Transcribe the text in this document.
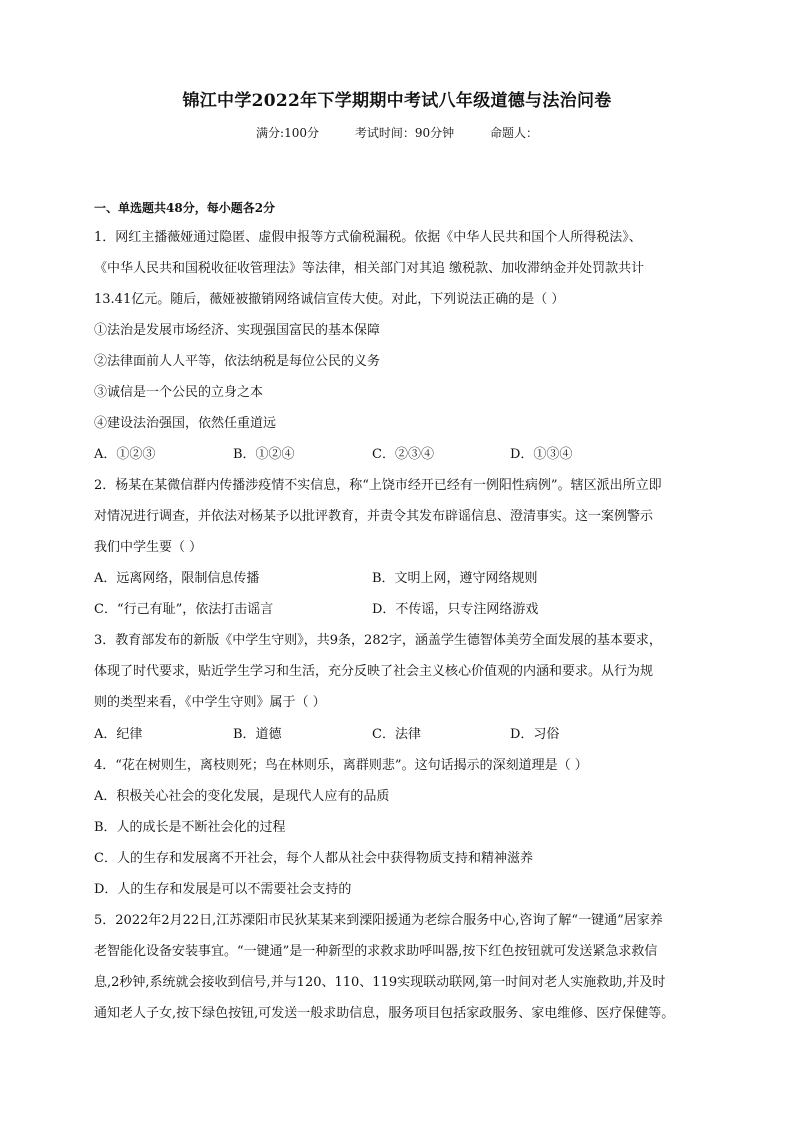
锦江中学2022年下学期期中考试八年级道德与法治问卷
满分:100分	考试时间：90分钟	命题人：
一、单选题共48分，每小题各2分
1．网红主播薇娅通过隐匿、虚假申报等方式偷税漏税。依据《中华人民共和国个人所得税法》、
《中华人民共和国税收征收管理法》等法律，相关部门对其追 缴税款、加收滞纳金并处罚款共计
13.41亿元。随后，薇娅被撤销网络诚信宣传大使。对此，下列说法正确的是（ ）
①法治是发展市场经济、实现强国富民的基本保障
②法律面前人人平等，依法纳税是每位公民的义务
③诚信是一个公民的立身之本
④建设法治强国，依然任重道远
A．①②③	B．①②④	C．②③④	D．①③④
2．杨某在某微信群内传播涉疫情不实信息，称“上饶市经开已经有一例阳性病例”。辖区派出所立即
对情况进行调查，并依法对杨某予以批评教育，并责令其发布辟谣信息、澄清事实。这一案例警示
我们中学生要（ ）
A．远离网络，限制信息传播	B．文明上网，遵守网络规则
C．“行己有耻”，依法打击谣言	D．不传谣，只专注网络游戏
3．教育部发布的新版《中学生守则》，共9条，282字，涵盖学生德智体美劳全面发展的基本要求，
体现了时代要求，贴近学生学习和生活，充分反映了社会主义核心价值观的内涵和要求。从行为规
则的类型来看，《中学生守则》属于（ ）
A．纪律	B．道德	C．法律	D．习俗
4．“花在树则生，离枝则死；鸟在林则乐，离群则悲”。这句话揭示的深刻道理是（ ）
A．积极关心社会的变化发展，是现代人应有的品质
B．人的成长是不断社会化的过程
C．人的生存和发展离不开社会，每个人都从社会中获得物质支持和精神滋养
D．人的生存和发展是可以不需要社会支持的
5．2022年2月22日,江苏溧阳市民狄某某来到溧阳援通为老综合服务中心,咨询了解“一键通”居家养
老智能化设备安装事宜。“一键通”是一种新型的求救求助呼叫器,按下红色按钮就可发送紧急求救信
息,2秒钟,系统就会接收到信号,并与120、110、119实现联动联网,第一时间对老人实施救助,并及时
通知老人子女,按下绿色按钮,可发送一般求助信息，服务项目包括家政服务、家电维修、医疗保健等。
